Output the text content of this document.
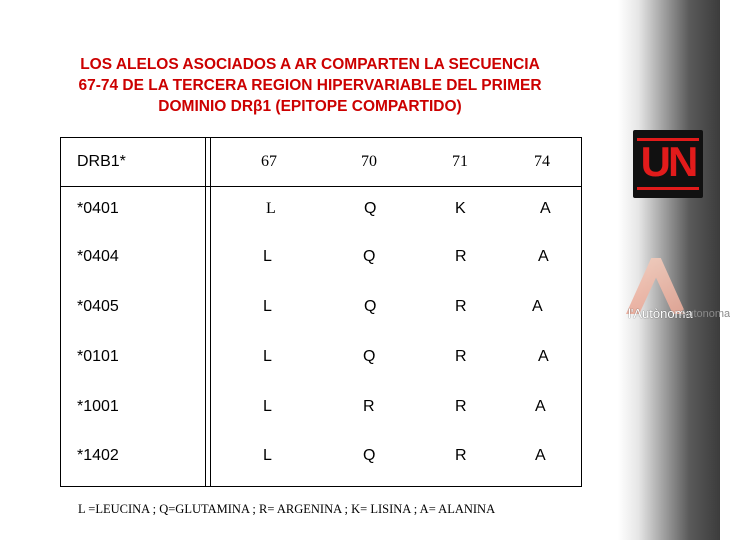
LOS ALELOS ASOCIADOS A AR COMPARTEN LA SECUENCIA
67-74 DE LA TERCERA REGION HIPERVARIABLE DEL PRIMER
DOMINIO DRβ1 (EPITOPE COMPARTIDO)
DRB1*	67	70	71	74
*0401	L	Q	K	A
*0404	L	Q	R	A
*0405	L	Q	R	A
*0101	L	Q	R	A
*1001	L	R	R	A
*1402	L	Q	R	A
L =LEUCINA ; Q=GLUTAMINA ; R= ARGENINA ; K= LISINA ; A= ALANINA
UN
l'Autònoma
Autonoma
